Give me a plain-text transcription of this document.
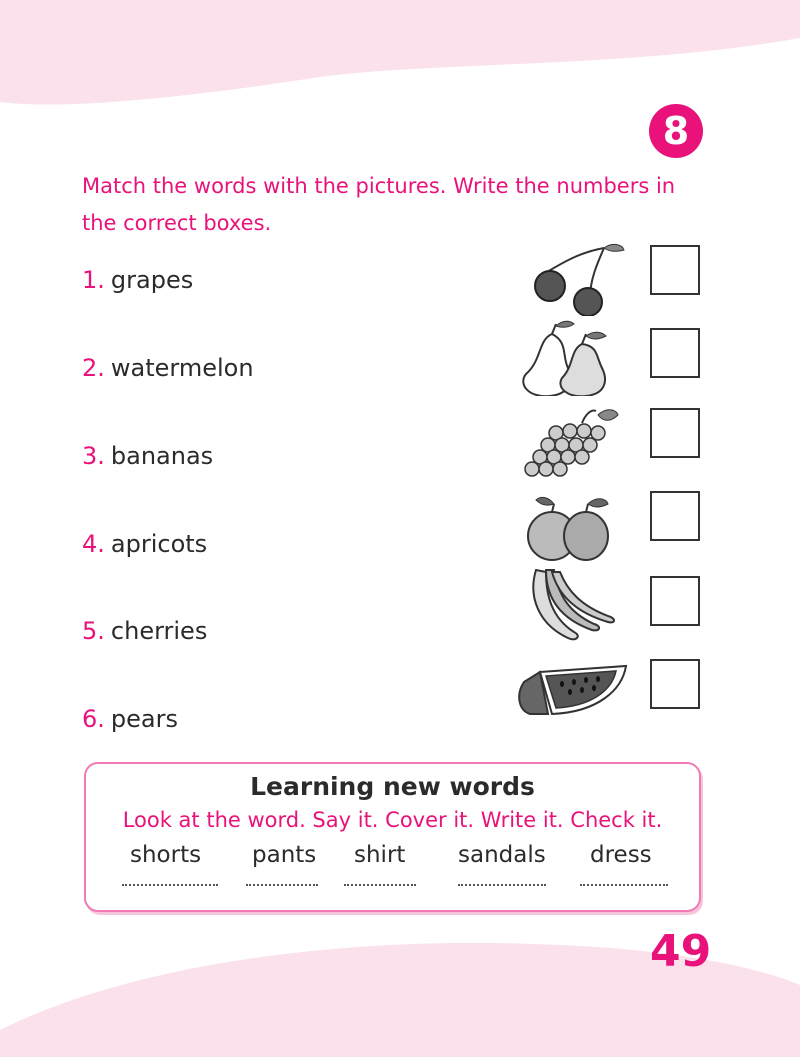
8
Match the words with the pictures. Write the numbers in the correct boxes.
1. grapes
2. watermelon
3. bananas
4. apricots
5. cherries
6. pears
Learning new words
Look at the word. Say it. Cover it. Write it. Check it.
shorts pants shirt sandals dress
49
